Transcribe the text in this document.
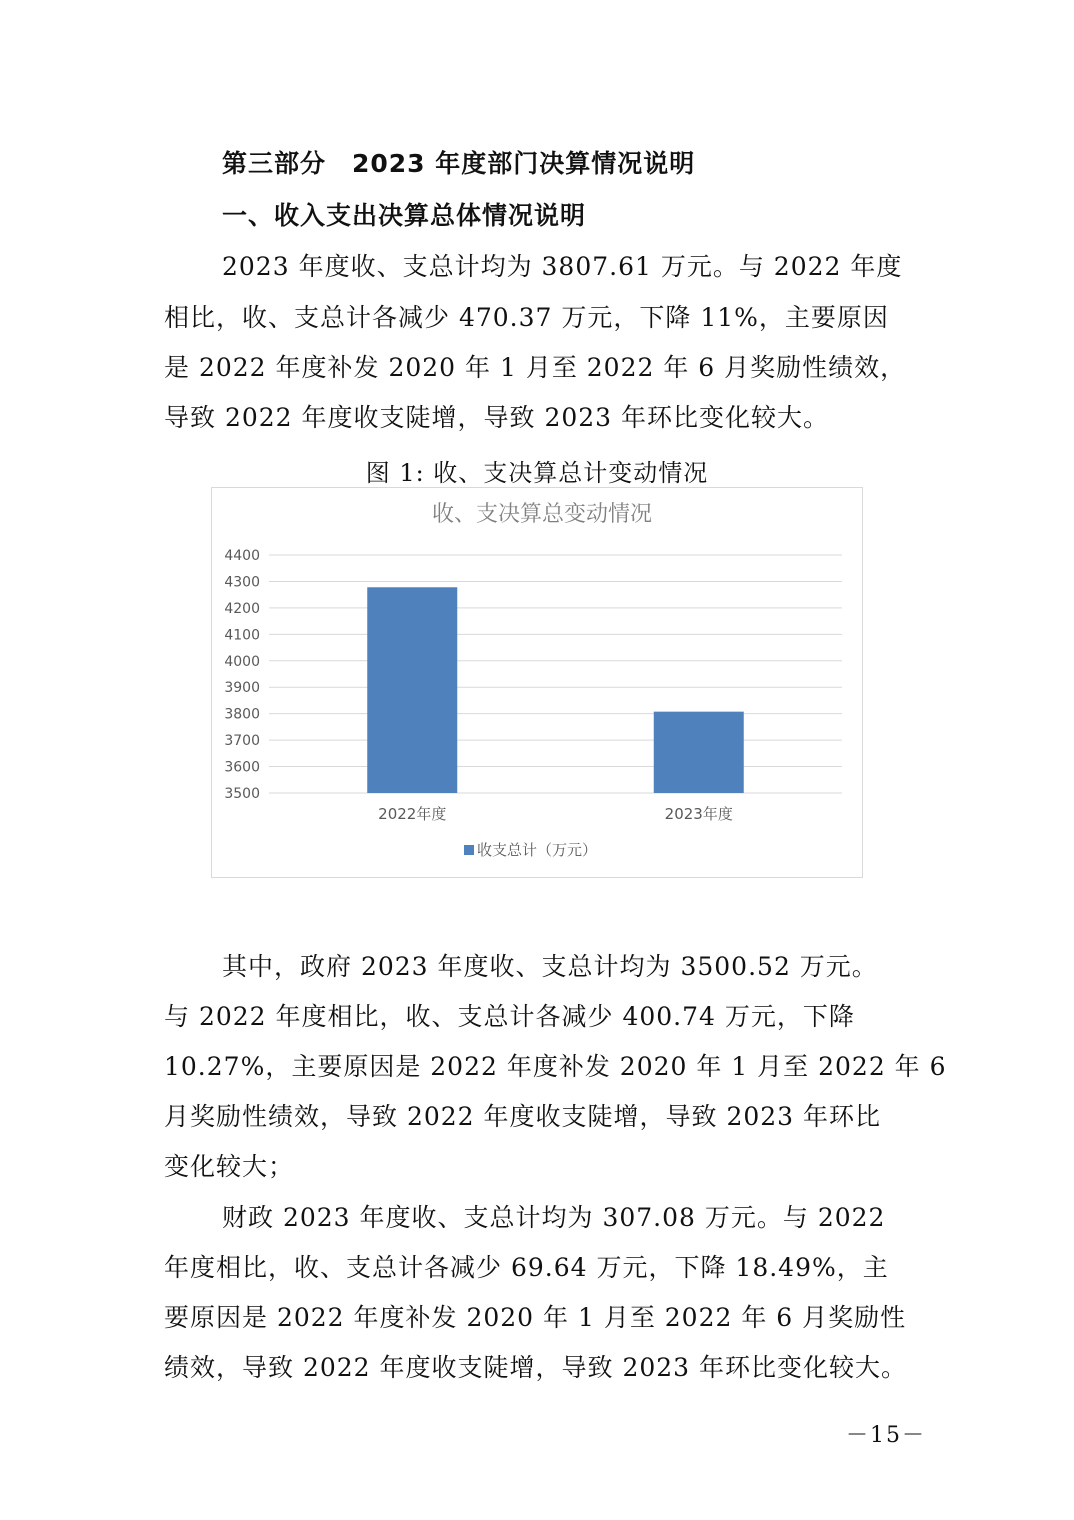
第三部分　2023 年度部门决算情况说明
一、收入支出决算总体情况说明
2023 年度收、支总计均为 3807.61 万元。与 2022 年度
相比，收、支总计各减少 470.37 万元，下降 11%，主要原因
是 2022 年度补发 2020 年 1 月至 2022 年 6 月奖励性绩效，
导致 2022 年度收支陡增，导致 2023 年环比变化较大。
图 1: 收、支决算总计变动情况
收、支决算总变动情况
3500
3600
3700
3800
3900
4000
4100
4200
4300
4400
2022年度	2023年度
收支总计（万元）
其中，政府 2023 年度收、支总计均为 3500.52 万元。
与 2022 年度相比，收、支总计各减少 400.74 万元，下降
10.27%，主要原因是 2022 年度补发 2020 年 1 月至 2022 年 6
月奖励性绩效，导致 2022 年度收支陡增，导致 2023 年环比
变化较大；
财政 2023 年度收、支总计均为 307.08 万元。与 2022
年度相比，收、支总计各减少 69.64 万元，下降 18.49%，主
要原因是 2022 年度补发 2020 年 1 月至 2022 年 6 月奖励性
绩效，导致 2022 年度收支陡增，导致 2023 年环比变化较大。
－15－
